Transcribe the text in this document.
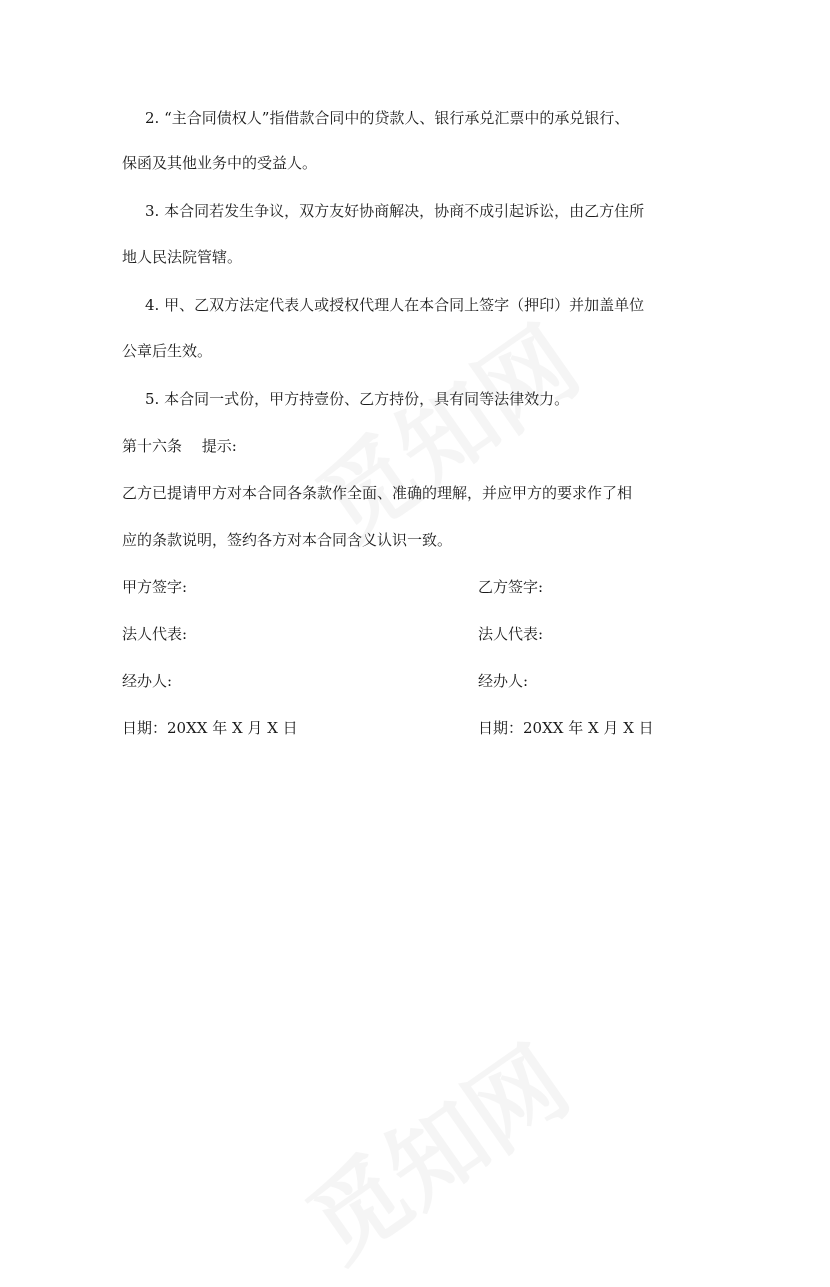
2. “主合同债权人”指借款合同中的贷款人、银行承兑汇票中的承兑银行、
保函及其他业务中的受益人。
3. 本合同若发生争议，双方友好协商解决，协商不成引起诉讼，由乙方住所
地人民法院管辖。
4. 甲、乙双方法定代表人或授权代理人在本合同上签字（押印）并加盖单位
公章后生效。
5. 本合同一式份，甲方持壹份、乙方持份，具有同等法律效力。
第十六条　 提示:
乙方已提请甲方对本合同各条款作全面、准确的理解，并应甲方的要求作了相
应的条款说明，签约各方对本合同含义认识一致。
甲方签字:	乙方签字:
法人代表:	法人代表:
经办人:	经办人:
日期：20XX 年 X 月 X 日	日期：20XX 年 X 月 X 日
